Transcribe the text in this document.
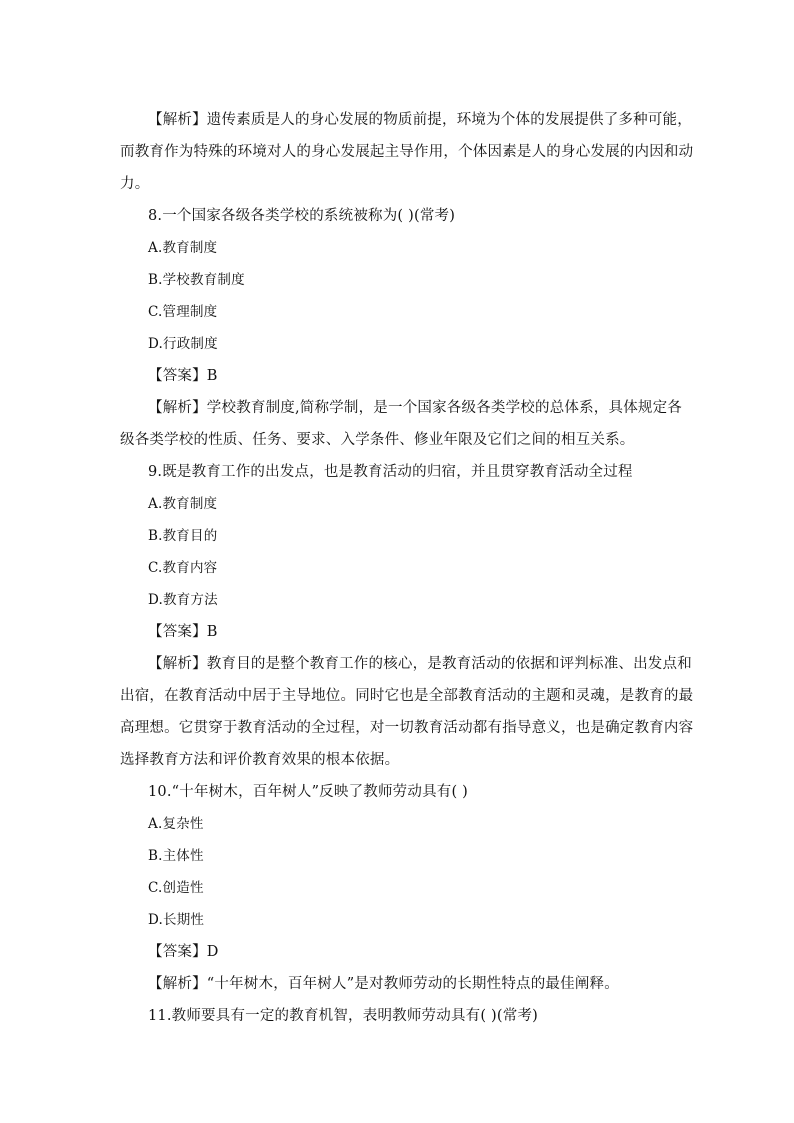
【解析】遗传素质是人的身心发展的物质前提，环境为个体的发展提供了多种可能，
而教育作为特殊的环境对人的身心发展起主导作用，个体因素是人的身心发展的内因和动
力。
8.一个国家各级各类学校的系统被称为( )(常考)
A.教育制度
B.学校教育制度
C.管理制度
D.行政制度
【答案】B
【解析】学校教育制度,简称学制，是一个国家各级各类学校的总体系，具体规定各
级各类学校的性质、任务、要求、入学条件、修业年限及它们之间的相互关系。
9.既是教育工作的出发点，也是教育活动的归宿，并且贯穿教育活动全过程
A.教育制度
B.教育目的
C.教育内容
D.教育方法
【答案】B
【解析】教育目的是整个教育工作的核心，是教育活动的依据和评判标准、出发点和
出宿，在教育活动中居于主导地位。同时它也是全部教育活动的主题和灵魂，是教育的最
高理想。它贯穿于教育活动的全过程，对一切教育活动都有指导意义，也是确定教育内容
选择教育方法和评价教育效果的根本依据。
10.“十年树木，百年树人”反映了教师劳动具有( )
A.复杂性
B.主体性
C.创造性
D.长期性
【答案】D
【解析】“十年树木，百年树人”是对教师劳动的长期性特点的最佳阐释。
11.教师要具有一定的教育机智，表明教师劳动具有( )(常考)
